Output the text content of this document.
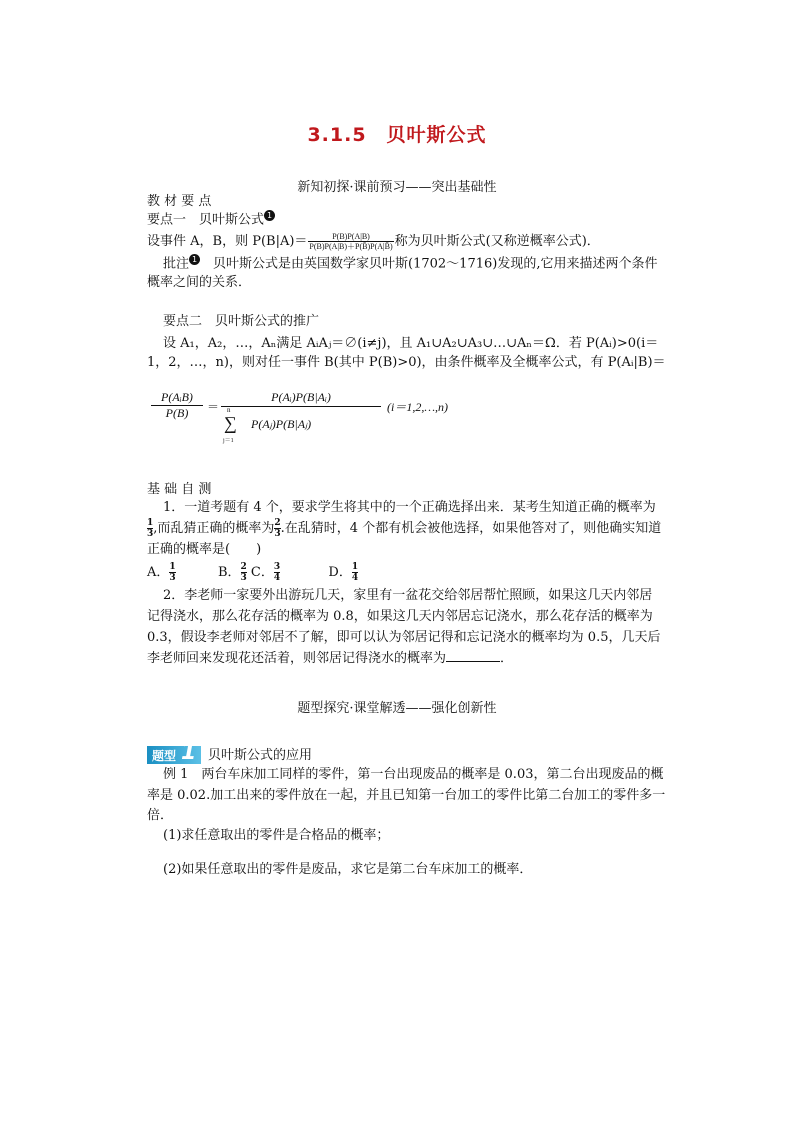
3.1.5　贝叶斯公式
新知初探·课前预习——突出基础性
教 材 要 点
要点一　贝叶斯公式 1
设事件 A，B，则 $P(B|A)= \frac{P(B)P(A|B)}{P(B)P(A|B)+P(B̄)P(A|B̄)}$ 称为贝叶斯公式(又称逆概率公式)．
批注 1　贝叶斯公式是由英国数学家贝叶斯(1702～1716)发现的,它用来描述两个条件
概率之间的关系．
要点二　贝叶斯公式的推广
设 A₁，A₂，…，Aₙ满足 AᵢAⱼ＝∅(i≠j)，且 A₁∪A₂∪A₃∪…∪Aₙ＝Ω．若 P(Aᵢ)>0(i＝
1，2，…，n)，则对任一事件 B(其中 P(B)>0)，由条件概率及全概率公式，有 P(Aᵢ|B)＝
P(AᵢB)
P(B)	＝
P(Aᵢ)P(B|Aᵢ)
n
∑
j＝1
P(Aⱼ)P(B|Aⱼ)
(i＝1,2,…,n)
基 础 自 测
1．一道考题有 4 个，要求学生将其中的一个正确选择出来．某考生知道正确的概率为
$\frac{1}{3}$ ,而乱猜正确的概率为 $\frac{2}{3}$ .在乱猜时，4 个都有机会被他选择，如果他答对了，则他确实知道
正确的概率是(　　)
A． $\frac{1}{3}$	B． $\frac{2}{3}$ C． $\frac{3}{4}$	D． $\frac{1}{4}$
2．李老师一家要外出游玩几天，家里有一盆花交给邻居帮忙照顾，如果这几天内邻居
记得浇水，那么花存活的概率为 0.8，如果这几天内邻居忘记浇水，那么花存活的概率为
0.3，假设李老师对邻居不了解，即可以认为邻居记得和忘记浇水的概率均为 0.5，几天后
李老师回来发现花还活着，则邻居记得浇水的概率为	．
题型探究·课堂解透——强化创新性
题型 1 贝叶斯公式的应用
例 1　两台车床加工同样的零件，第一台出现废品的概率是 0.03，第二台出现废品的概
率是 0.02.加工出来的零件放在一起，并且已知第一台加工的零件比第二台加工的零件多一
倍．
(1)求任意取出的零件是合格品的概率；
(2)如果任意取出的零件是废品，求它是第二台车床加工的概率．
